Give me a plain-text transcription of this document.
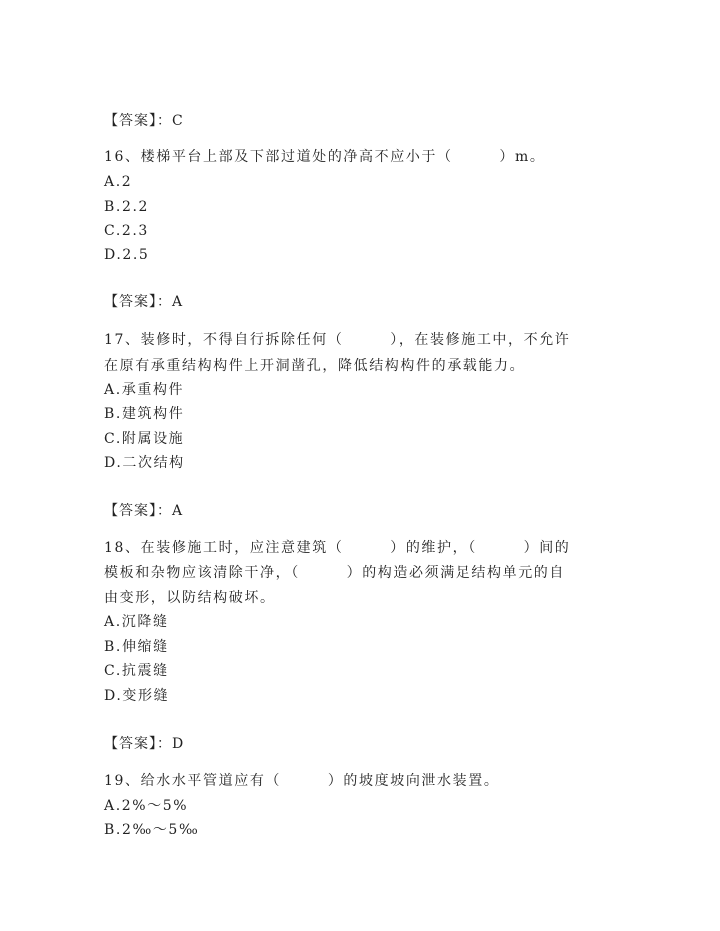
【答案】：C
16、楼梯平台上部及下部过道处的净高不应小于（　　　）m。
A.2
B.2.2
C.2.3
D.2.5
【答案】：A
17、装修时，不得自行拆除任何（　　　），在装修施工中，不允许
在原有承重结构构件上开洞凿孔，降低结构构件的承载能力。
A.承重构件
B.建筑构件
C.附属设施
D.二次结构
【答案】：A
18、在装修施工时，应注意建筑（　　　）的维护，（　　　）间的
模板和杂物应该清除干净，（　　　）的构造必须满足结构单元的自
由变形，以防结构破坏。
A.沉降缝
B.伸缩缝
C.抗震缝
D.变形缝
【答案】：D
19、给水水平管道应有（　　　）的坡度坡向泄水装置。
A.2%～5%
B.2‰～5‰
